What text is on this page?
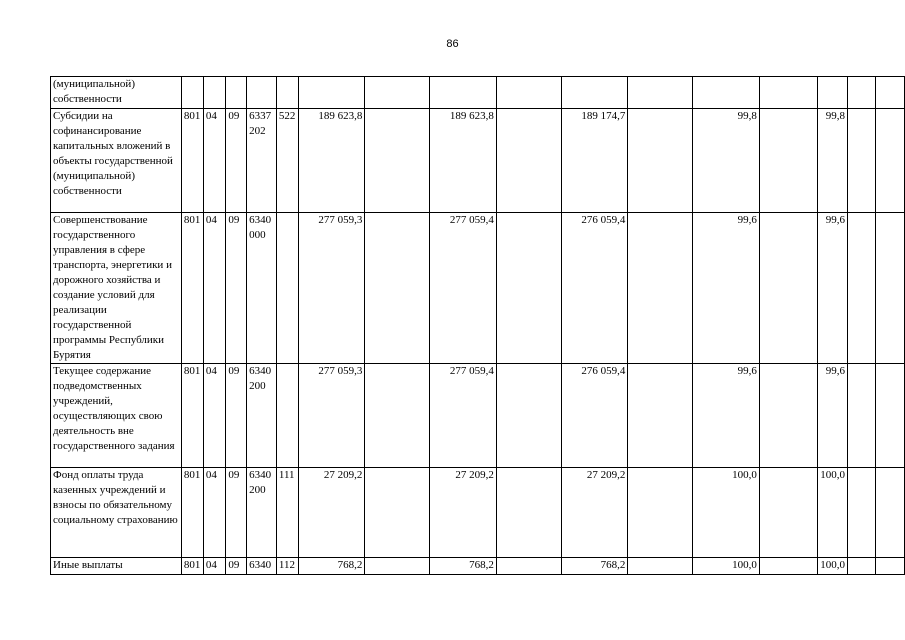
86
(муниципальной) собственности																
Субсидии на софинансирование капитальных вложений в объекты государственной (муниципальной) собственности	801	04	09	6337 202	522	189 623,8		189 623,8		189 174,7		99,8		99,8		
Совершенствование государственного управления в сфере транспорта, энергетики и дорожного хозяйства и создание условий для реализации государственной программы Республики Бурятия	801	04	09	6340 000		277 059,3		277 059,4		276 059,4		99,6		99,6		
Текущее содержание подведомственных учреждений, осуществляющих свою деятельность вне государственного задания	801	04	09	6340 200		277 059,3		277 059,4		276 059,4		99,6		99,6		
Фонд оплаты труда казенных учреждений и взносы по обязательному социальному страхованию	801	04	09	6340 200	111	27 209,2		27 209,2		27 209,2		100,0		100,0		
Иные выплаты	801	04	09	6340	112	768,2		768,2		768,2		100,0		100,0		
